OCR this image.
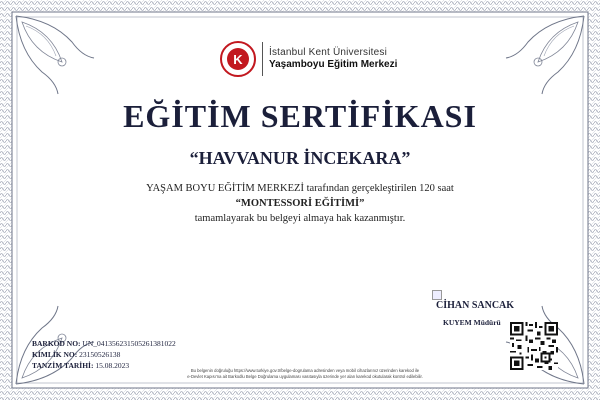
K	İstanbul Kent Üniversitesi
Yaşamboyu Eğitim Merkezi
EĞİTİM SERTİFİKASI
“HAVVANUR İNCEKARA”
YAŞAM BOYU EĞİTİM MERKEZİ tarafından gerçekleştirilen 120 saat
“MONTESSORİ EĞİTİMİ”
tamamlayarak bu belgeyi almaya hak kazanmıştır.
CİHAN SANCAK
KUYEM Müdürü
BARKOD NO: UN_041356231505261381022
KİMLİK NO: 23150526138
TANZİM TARİHİ: 15.08.2023
Bu belgenin doğruluğu https://www.turkiye.gov.tr/belge-dogrulama adresinden veya mobil cihazlarınız üzerinden karekod ile
e-Devlet Kapısı’na ait Barkodlu Belge Doğrulama uygulaması vasıtasıyla üzerinde yer alan karekod okutularak kontrol edilebilir.
